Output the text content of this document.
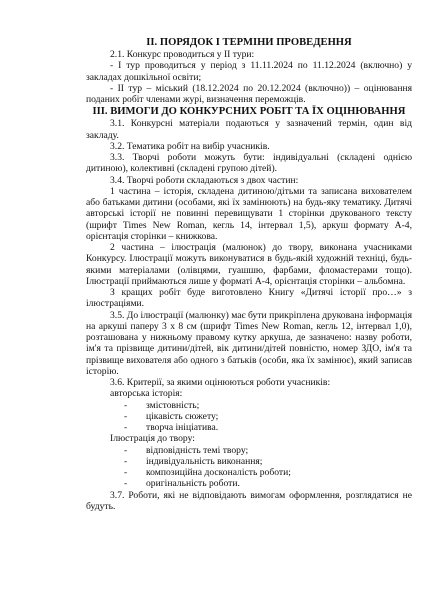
ІІ. ПОРЯДОК І ТЕРМІНИ ПРОВЕДЕННЯ

2.1. Конкурс проводиться у ІІ тури:

- І тур проводиться у період з 11.11.2024 по 11.12.2024 (включно) у закладах дошкільної освіти;

- ІІ тур – міський (18.12.2024 по 20.12.2024 (включно)) – оцінювання поданих робіт членами журі, визначення переможців.

ІІІ. ВИМОГИ ДО КОНКУРСНИХ РОБІТ ТА ЇХ ОЦІНЮВАННЯ

3.1. Конкурсні матеріали подаються у зазначений термін, один від закладу.

3.2. Тематика робіт на вибір учасників.

3.3. Творчі роботи можуть бути: індивідуальні (складені однією дитиною), колективні (складені групою дітей).

3.4. Творчі роботи складаються з двох частин:

1 частина – історія, складена дитиною/дітьми та записана вихователем або батьками дитини (особами, які їх замінюють) на будь-яку тематику. Дитячі авторські історії не повинні перевищувати 1 сторінки друкованого тексту (шрифт Times New Roman, кегль 14, інтервал 1,5), аркуш формату А-4, орієнтація сторінки – книжкова.

2 частина – ілюстрація (малюнок) до твору, виконана учасниками Конкурсу. Ілюстрації можуть виконуватися в будь-якій художній техніці, будь-якими матеріалами (олівцями, гуашшю, фарбами, фломастерами тощо). Ілюстрації приймаються лише у форматі А-4, орієнтація сторінки – альбомна.

З кращих робіт буде виготовлено Книгу «Дитячі історії про…» з ілюстраціями.

3.5. До ілюстрації (малюнку) має бути прикріплена друкована інформація на аркуші паперу 3 х 8 см (шрифт Times New Roman, кегль 12, інтервал 1,0), розташована у нижньому правому кутку аркуша, де зазначено: назву роботи, ім'я та прізвище дитини/дітей, вік дитини/дітей повністю, номер ЗДО, ім'я та прізвище вихователя або одного з батьків (особи, яка їх замінює), який записав історію.

3.6. Критерії, за якими оцінюються роботи учасників:

авторська історія:

- змістовність;
- цікавість сюжету;
- творча ініціатива.

Ілюстрація до твору:

- відповідність темі твору;
- індивідуальність виконання;
- композиційна досконалість роботи;
- оригінальність роботи.

3.7. Роботи, які не відповідають вимогам оформлення, розглядатися не будуть.
